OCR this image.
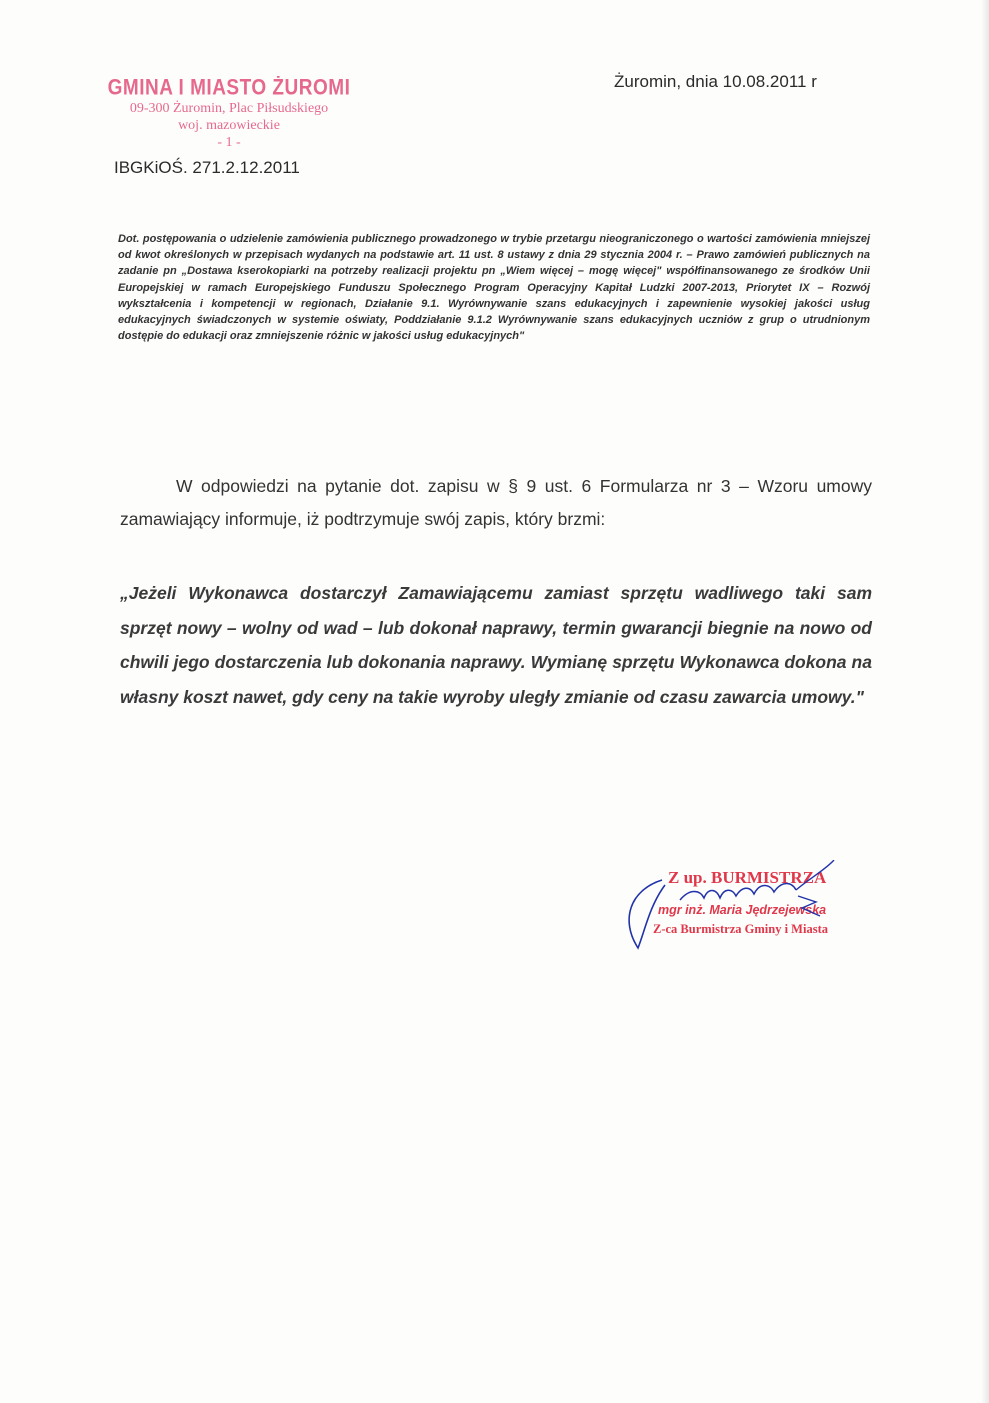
GMINA I MIASTO ŻUROMI
09-300 Żuromin, Plac Piłsudskiego
woj. mazowieckie
- 1 -
Żuromin, dnia 10.08.2011 r
IBGKiOŚ. 271.2.12.2011
Dot. postępowania o udzielenie zamówienia publicznego prowadzonego w trybie przetargu nieograniczonego o wartości zamówienia mniejszej od kwot określonych w przepisach wydanych na podstawie art. 11 ust. 8 ustawy z dnia 29 stycznia 2004 r. – Prawo zamówień publicznych na zadanie pn „Dostawa kserokopiarki na potrzeby realizacji projektu pn „Wiem więcej – mogę więcej" współfinansowanego ze środków Unii Europejskiej w ramach Europejskiego Funduszu Społecznego Program Operacyjny Kapitał Ludzki 2007-2013, Priorytet IX – Rozwój wykształcenia i kompetencji w regionach, Działanie 9.1. Wyrównywanie szans edukacyjnych i zapewnienie wysokiej jakości usług edukacyjnych świadczonych w systemie oświaty, Poddziałanie 9.1.2 Wyrównywanie szans edukacyjnych uczniów z grup o utrudnionym dostępie do edukacji oraz zmniejszenie różnic w jakości usług edukacyjnych"

W odpowiedzi na pytanie dot. zapisu w § 9 ust. 6 Formularza nr 3 – Wzoru umowy

zamawiający informuje, iż podtrzymuje swój zapis, który brzmi:

„Jeżeli Wykonawca dostarczył Zamawiającemu zamiast sprzętu wadliwego taki sam sprzęt nowy – wolny od wad – lub dokonał naprawy, termin gwarancji biegnie na nowo od chwili jego dostarczenia lub dokonania naprawy. Wymianę sprzętu Wykonawca dokona na własny koszt nawet, gdy ceny na takie wyroby uległy zmianie od czasu zawarcia umowy."
Z up. BURMISTRZA
mgr inż. Maria Jędrzejewska
Z-ca Burmistrza Gminy i Miasta
